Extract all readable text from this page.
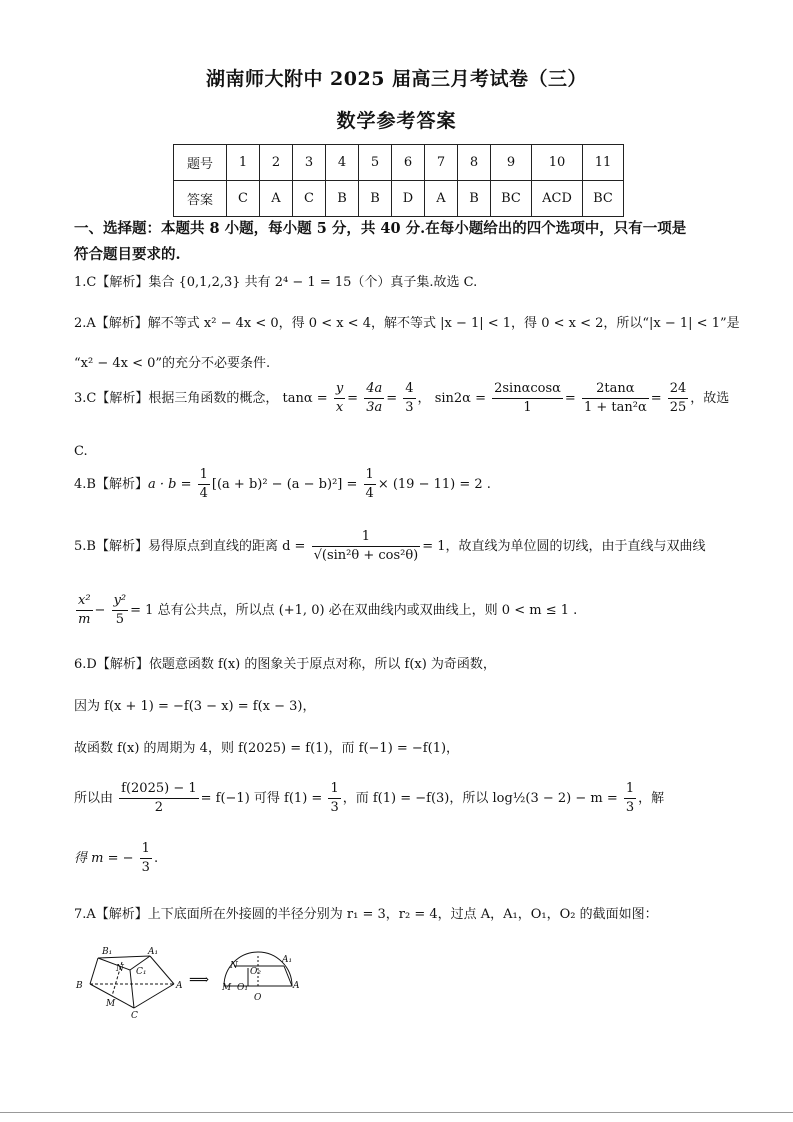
湖南师大附中 2025 届高三月考试卷（三）
数学参考答案
题号	1	2	3	4	5	6	7	8	9	10	11
答案	C	A	C	B	B	D	A	B	BC	ACD	BC
一、选择题：本题共 8 小题，每小题 5 分，共 40 分.在每小题给出的四个选项中，只有一项是
符合题目要求的.
1.C【解析】集合 {0,1,2,3} 共有 2⁴ − 1 = 15（个）真子集.故选 C.
2.A【解析】解不等式 x² − 4x < 0，得 0 < x < 4，解不等式 |x − 1| < 1，得 0 < x < 2，所以“|x − 1| < 1”是
“x² − 4x < 0”的充分不必要条件.
3.C【解析】根据三角函数的概念， $\tan\alpha = \frac{y}{x} = \frac{4a}{3a} = \frac{4}{3}$ ， $\sin 2\alpha = \frac{2\sin\alpha\cos\alpha}{1} = \frac{2\tan\alpha}{\text{1 + tan²α}} = \frac{24}{25}$ ，故选
C.
4.B【解析】$a \cdot b = \frac{1}{4} [(a + b)^2 - (a - b)^2] = \frac{1}{4} \times (19 - 11) = 2$ .
5.B【解析】易得原点到直线的距离 $d = \frac{1}{\text{√(sin²θ + cos²θ)}} = 1$，故直线为单位圆的切线，由于直线与双曲线
$\frac{\text{x²}}{m} - \frac{\text{y²}}{5} = 1$ 总有公共点，所以点 (+1, 0) 必在双曲线内或双曲线上，则 0 < m ≤ 1 .
6.D【解析】依题意函数 f(x) 的图象关于原点对称，所以 f(x) 为奇函数，
因为 f(x + 1) = −f(3 − x) = f(x − 3)，
故函数 f(x) 的周期为 4，则 f(2025) = f(1)，而 f(−1) = −f(1)，
所以由 $\frac{f(2025) - 1}{2} = f(-1)$ 可得 $f(1) = \frac{1}{3}$ ，而 f(1) = −f(3)，所以 log½(3 − $2) - m = \frac{1}{3}$ ，解
得 m = − $\frac{1}{3}$ .
7.A【解析】上下底面所在外接圆的半径分别为 r₁ = 3，r₂ = 4，过点 A，A₁，O₁，O₂ 的截面如图：
B₁	A₁
N C₁
B	A
M
C
⟹
N
O₂
A₁
M O₁	A
O
